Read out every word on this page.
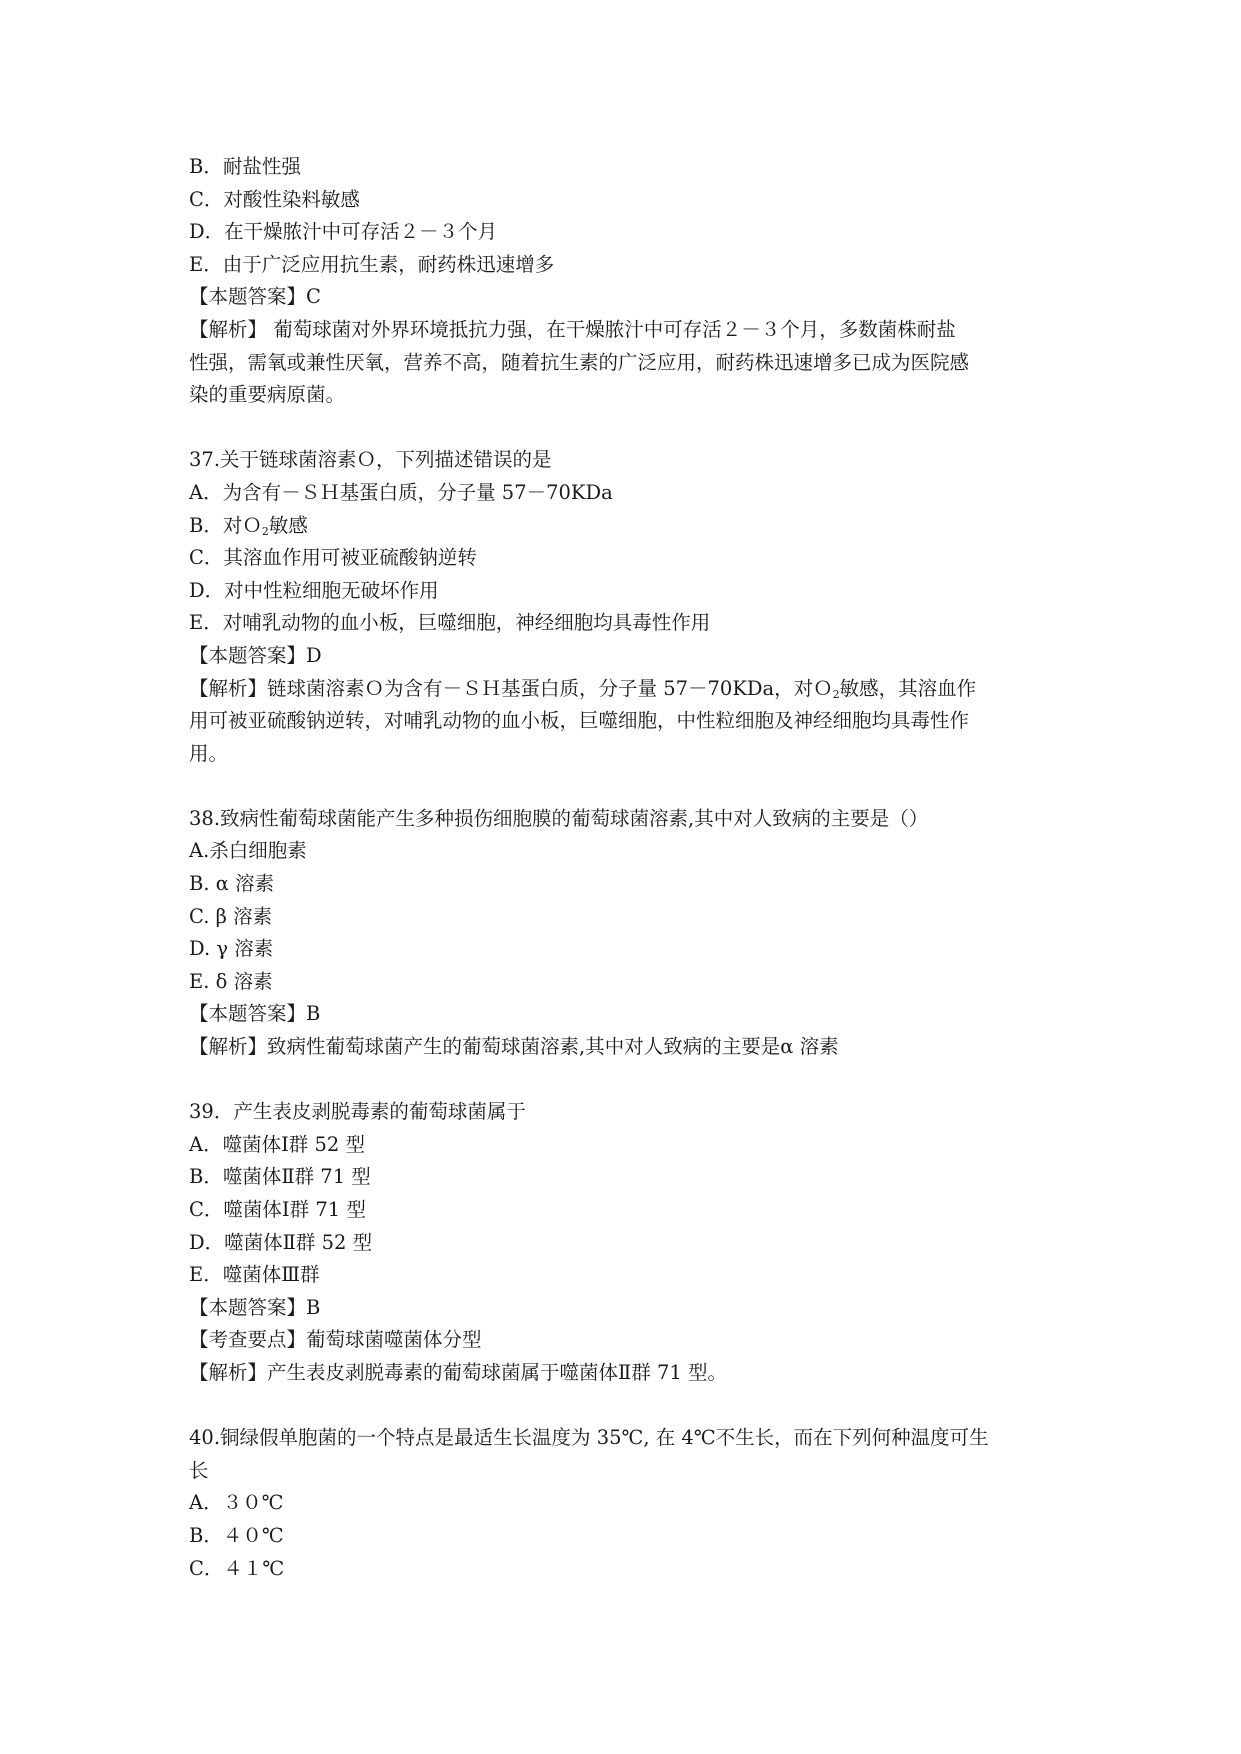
B．耐盐性强
C．对酸性染料敏感
D．在干燥脓汁中可存活２－３个月
E．由于广泛应用抗生素，耐药株迅速增多
【本题答案】C
【解析】 葡萄球菌对外界环境抵抗力强，在干燥脓汁中可存活２－３个月，多数菌株耐盐
性强，需氧或兼性厌氧，营养不高，随着抗生素的广泛应用，耐药株迅速增多已成为医院感
染的重要病原菌。
37.关于链球菌溶素Ｏ，下列描述错误的是
A．为含有－ＳＨ基蛋白质，分子量 57－70KDa
B．对Ｏ$_2$敏感
C．其溶血作用可被亚硫酸钠逆转
D．对中性粒细胞无破坏作用
E．对哺乳动物的血小板，巨噬细胞，神经细胞均具毒性作用
【本题答案】D
【解析】链球菌溶素Ｏ为含有－ＳＨ基蛋白质，分子量 57－70KDa，对Ｏ$_2$敏感，其溶血作
用可被亚硫酸钠逆转，对哺乳动物的血小板，巨噬细胞，中性粒细胞及神经细胞均具毒性作
用。
38.致病性葡萄球菌能产生多种损伤细胞膜的葡萄球菌溶素,其中对人致病的主要是（）
A.杀白细胞素
B. α 溶素
C. β 溶素
D. γ 溶素
E. δ 溶素
【本题答案】B
【解析】致病性葡萄球菌产生的葡萄球菌溶素,其中对人致病的主要是α 溶素
39．产生表皮剥脱毒素的葡萄球菌属于
A．噬菌体Ⅰ群 52 型
B．噬菌体Ⅱ群 71 型
C．噬菌体Ⅰ群 71 型
D．噬菌体Ⅱ群 52 型
E．噬菌体Ⅲ群
【本题答案】B
【考查要点】葡萄球菌噬菌体分型
【解析】产生表皮剥脱毒素的葡萄球菌属于噬菌体Ⅱ群 71 型。
40.铜绿假单胞菌的一个特点是最适生长温度为 35℃, 在 4℃不生长，而在下列何种温度可生
长
A．３０℃
B．４０℃
C．４１℃
